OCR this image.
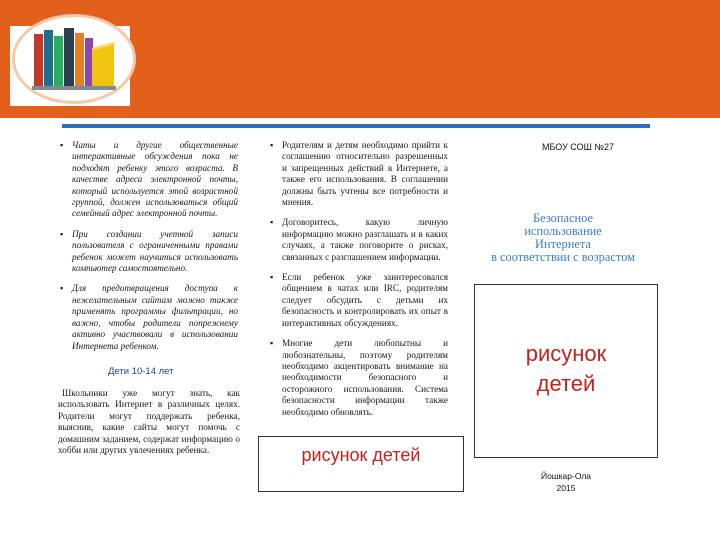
▪ Чаты и другие общественные интерактивные обсуждения пока не подходят ребенку этого возраста. В качестве адреса электронной почты, который используется этой возрастной группой, должен использоваться общий семейный адрес электронной почты.
▪ При создании учетной записи пользователя с ограниченными правами ребенок может научиться использовать компьютер самостоятельно.
▪ Для предотвращения доступа к нежелательным сайтам можно также применять программы фильтрации, но важно, чтобы родители попрежнему активно участвовали в использовании Интернета ребенком.
Дети 10-14 лет
Школьники уже могут знать, как использовать Интернет в различных целях. Родители могут поддержать ребенка, выяснив, какие сайты могут помочь с домашним заданием, содержат информацию о хобби или других увлечениях ребенка.
▪ Родителям и детям необходимо прийти к соглашению относительно разрешенных и запрещенных действий в Интернете, а также его использования. В соглашении должны быть учтены все потребности и мнения.
▪ Договоритесь, какую личную информацию можно разглашать и в каких случаях, а также поговорите о рисках, связанных с разглашением информации.
▪ Если ребенок уже заинтересовался общением в чатах или IRC, родителям следует обсудить с детьми их безопасность и контролировать их опыт в интерактивных обсуждениях.
▪ Многие дети любопытны и любознательны, поэтому родителям необходимо акцентировать внимание на необходимости безопасного и осторожного использования. Система безопасности информации также необходимо обновлять.
рисунок детей
МБОУ СОШ №27
Безопасное
использование
Интернета
в соответствии с возрастом
рисунок
детей
Йошкар-Ола
2015
